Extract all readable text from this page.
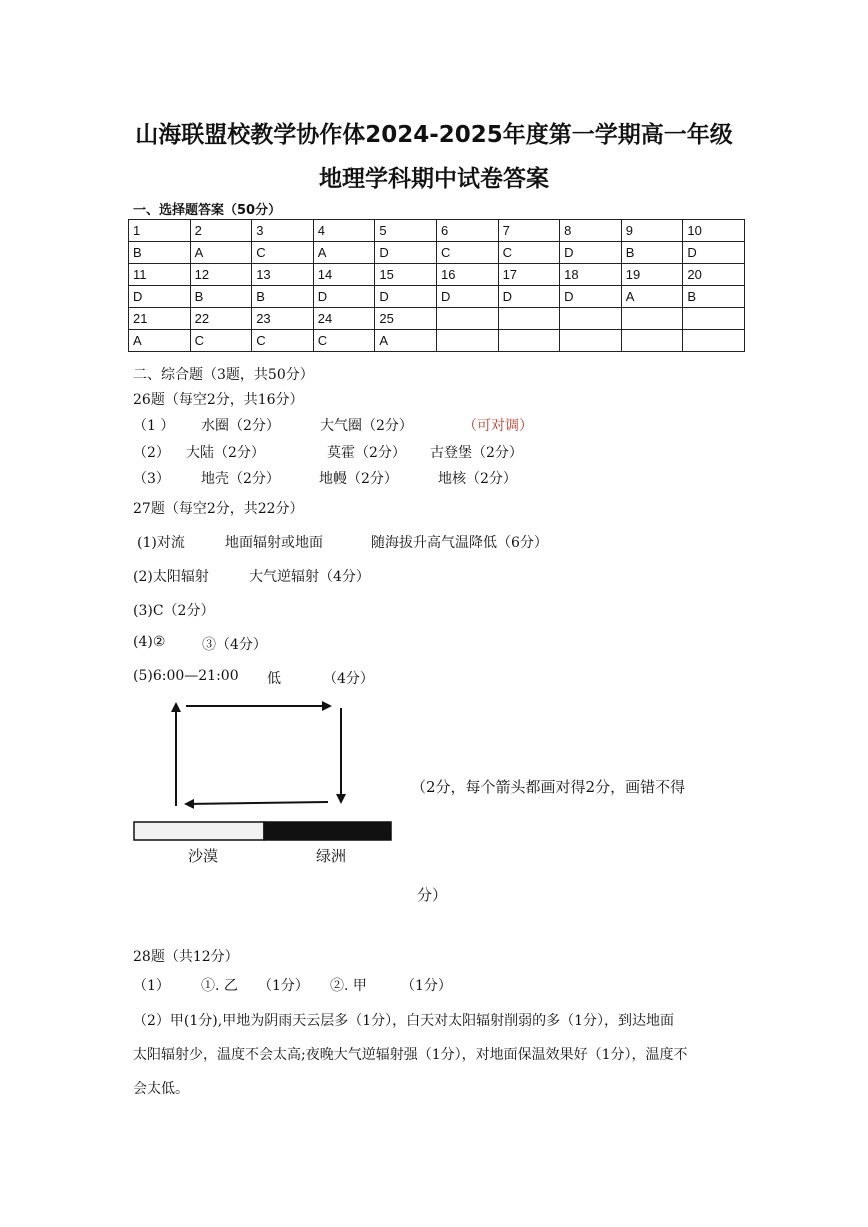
山海联盟校教学协作体2024-2025年度第一学期高一年级
地理学科期中试卷答案
一、选择题答案（50分）
1	2	3	4	5	6	7	8	9	10
B	A	C	A	D	C	C	D	B	D
11	12	13	14	15	16	17	18	19	20
D	B	B	D	D	D	D	D	A	B
21	22	23	24	25					
A	C	C	C	A					
二、综合题（3题，共50分）
26题（每空2分，共16分）
（1 ） 水圈（2分）	大气圈（2分）	（可对调）
（2） 大陆（2分）	莫霍（2分） 古登堡（2分）
（3） 地壳（2分）	地幔（2分）	地核（2分）
27题（每空2分，共22分）
(1)对流	地面辐射或地面	随海拔升高气温降低（6分）
(2)太阳辐射	大气逆辐射（4分）
(3)C（2分）
(4)②	③（4分）
(5)6:00—21:00 低	（4分）
沙漠	绿洲
（2分，每个箭头都画对得2分，画错不得
分）
28题（共12分）
（1） ①. 乙 （1分） ②. 甲 （1分）
（2）甲(1分),甲地为阴雨天云层多（1分），白天对太阳辐射削弱的多（1分），到达地面
太阳辐射少，温度不会太高;夜晚大气逆辐射强（1分），对地面保温效果好（1分），温度不
会太低。
